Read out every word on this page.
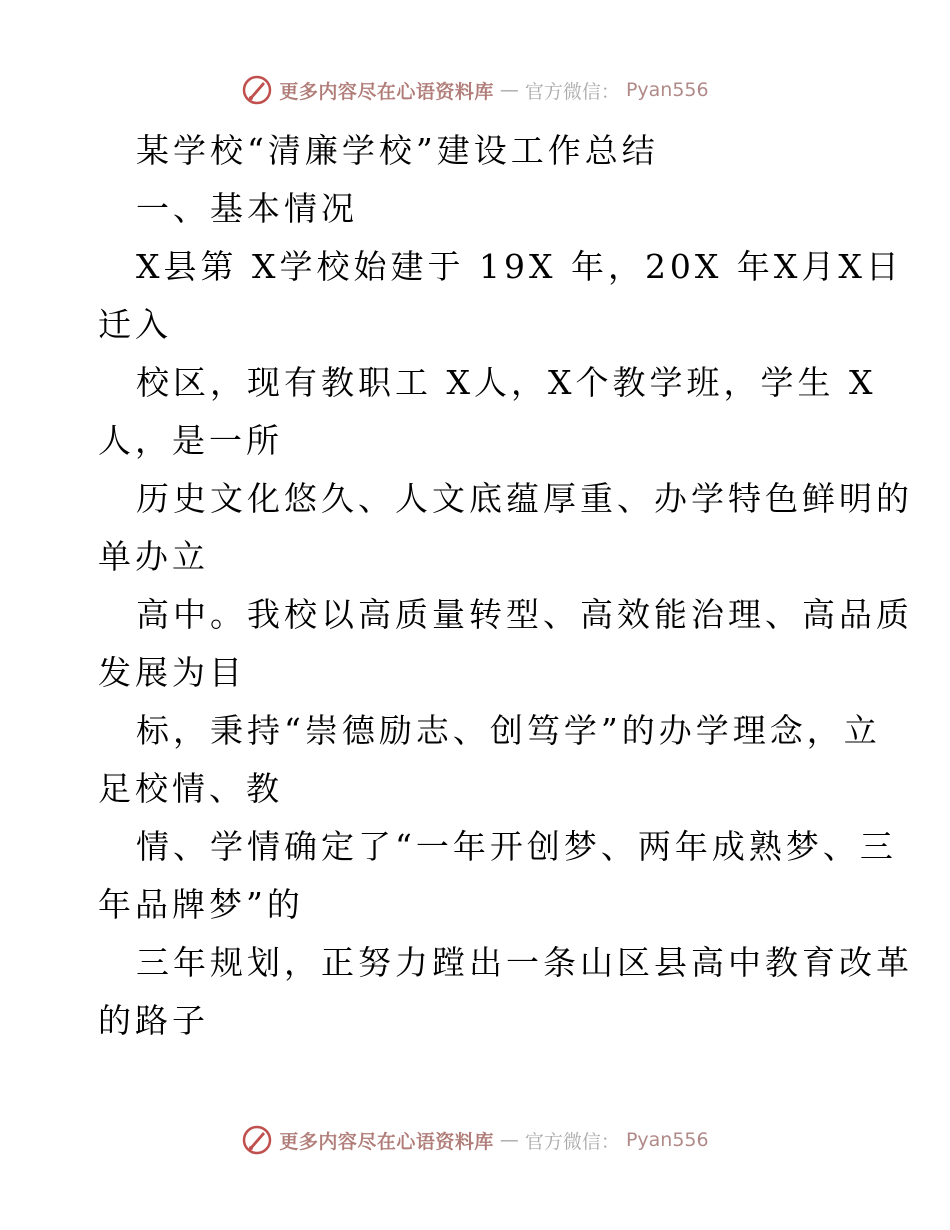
更多内容尽在心语资料库 — 官方微信： Pyan556
某学校“清廉学校”建设工作总结
一、基本情况
X县第 X学校始建于 19X 年，20X 年X月X日
迁入
校区，现有教职工 X人，X个教学班，学生 X
人，是一所
历史文化悠久、人文底蕴厚重、办学特色鲜明的
单办立
高中。我校以高质量转型、高效能治理、高品质
发展为目
标，秉持“崇德励志、创笃学”的办学理念，立
足校情、教
情、学情确定了“一年开创梦、两年成熟梦、三
年品牌梦”的
三年规划，正努力蹚出一条山区县高中教育改革
的路子
更多内容尽在心语资料库 — 官方微信： Pyan556
